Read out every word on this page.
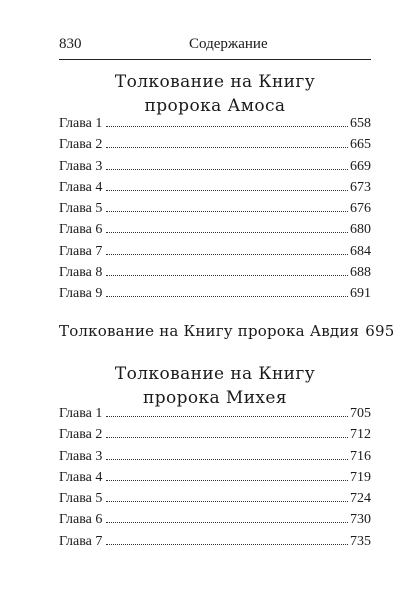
830	Содержание
Толкование на Книгу
пророка Амоса
Глава 1	658
Глава 2	665
Глава 3	669
Глава 4	673
Глава 5	676
Глава 6	680
Глава 7	684
Глава 8	688
Глава 9	691
Толкование на Книгу пророка Авдия 695
Толкование на Книгу
пророка Михея
Глава 1	705
Глава 2	712
Глава 3	716
Глава 4	719
Глава 5	724
Глава 6	730
Глава 7	735
